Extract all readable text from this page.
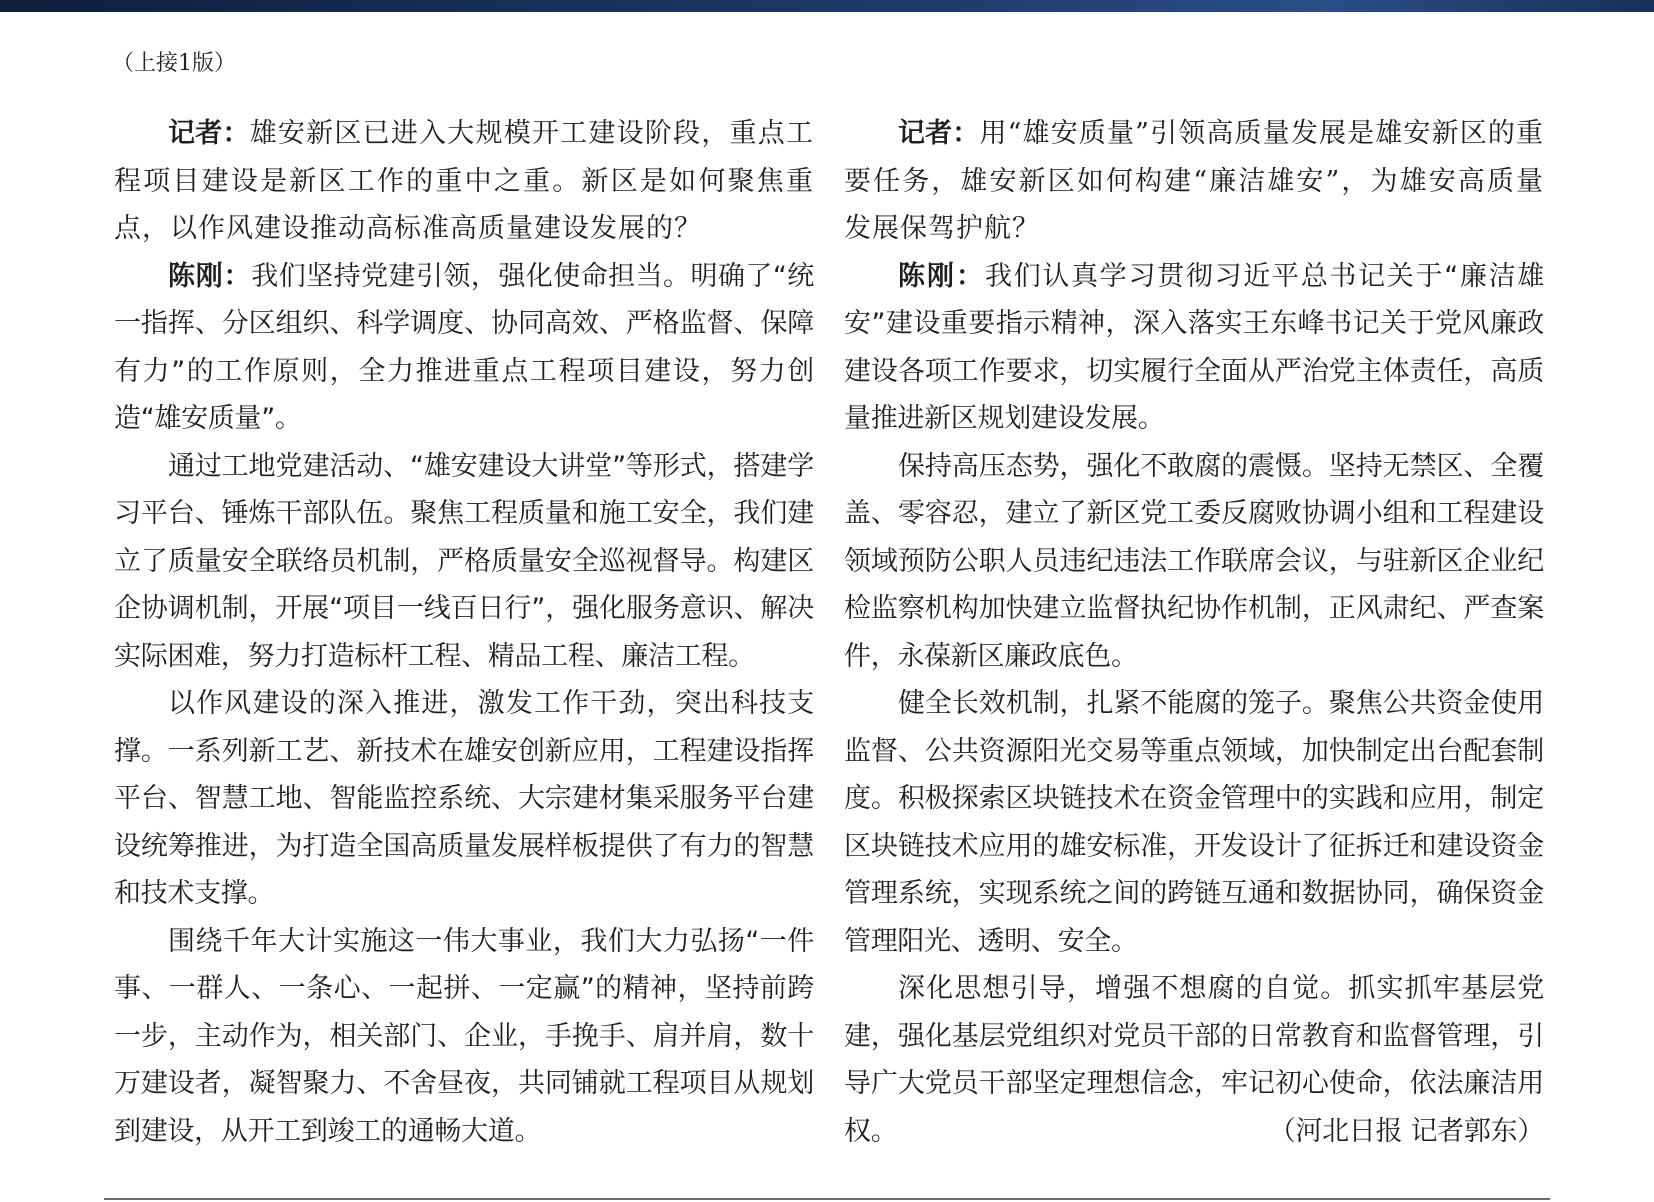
（上接1版）

记者：雄安新区已进入大规模开工建设阶段，重点工程项目建设是新区工作的重中之重。新区是如何聚焦重点，以作风建设推动高标准高质量建设发展的？

陈刚：我们坚持党建引领，强化使命担当。明确了“统一指挥、分区组织、科学调度、协同高效、严格监督、保障有力”的工作原则，全力推进重点工程项目建设，努力创造“雄安质量”。

通过工地党建活动、“雄安建设大讲堂”等形式，搭建学习平台、锤炼干部队伍。聚焦工程质量和施工安全，我们建立了质量安全联络员机制，严格质量安全巡视督导。构建区企协调机制，开展“项目一线百日行”，强化服务意识、解决实际困难，努力打造标杆工程、精品工程、廉洁工程。

以作风建设的深入推进，激发工作干劲，突出科技支撑。一系列新工艺、新技术在雄安创新应用，工程建设指挥平台、智慧工地、智能监控系统、大宗建材集采服务平台建设统筹推进，为打造全国高质量发展样板提供了有力的智慧和技术支撑。

围绕千年大计实施这一伟大事业，我们大力弘扬“一件事、一群人、一条心、一起拼、一定赢”的精神，坚持前跨一步，主动作为，相关部门、企业，手挽手、肩并肩，数十万建设者，凝智聚力、不舍昼夜，共同铺就工程项目从规划到建设，从开工到竣工的通畅大道。

记者：用“雄安质量”引领高质量发展是雄安新区的重要任务，雄安新区如何构建“廉洁雄安”，为雄安高质量发展保驾护航？

陈刚：我们认真学习贯彻习近平总书记关于“廉洁雄安”建设重要指示精神，深入落实王东峰书记关于党风廉政建设各项工作要求，切实履行全面从严治党主体责任，高质量推进新区规划建设发展。

保持高压态势，强化不敢腐的震慑。坚持无禁区、全覆盖、零容忍，建立了新区党工委反腐败协调小组和工程建设领域预防公职人员违纪违法工作联席会议，与驻新区企业纪检监察机构加快建立监督执纪协作机制，正风肃纪、严查案件，永葆新区廉政底色。

健全长效机制，扎紧不能腐的笼子。聚焦公共资金使用监督、公共资源阳光交易等重点领域，加快制定出台配套制度。积极探索区块链技术在资金管理中的实践和应用，制定区块链技术应用的雄安标准，开发设计了征拆迁和建设资金管理系统，实现系统之间的跨链互通和数据协同，确保资金管理阳光、透明、安全。

深化思想引导，增强不想腐的自觉。抓实抓牢基层党建，强化基层党组织对党员干部的日常教育和监督管理，引导广大党员干部坚定理想信念，牢记初心使命，依法廉洁用权。	（河北日报 记者郭东）
